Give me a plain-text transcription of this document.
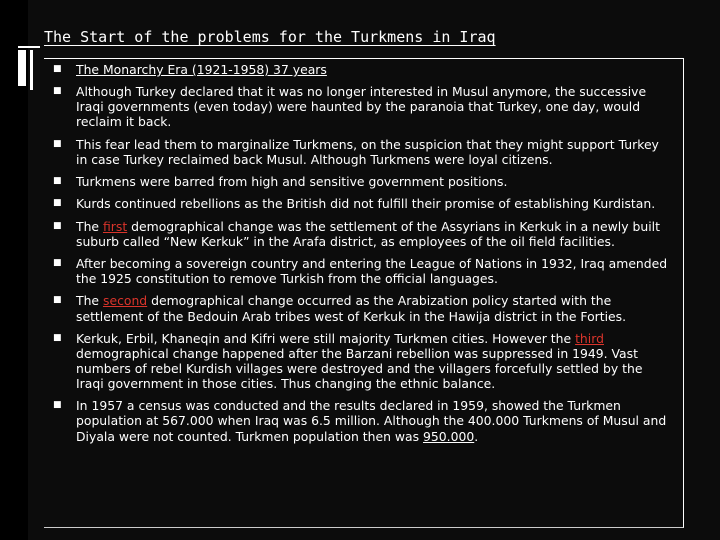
The Start of the problems for the Turkmens in Iraq
■ The Monarchy Era (1921-1958) 37 years
■ Although Turkey declared that it was no longer interested in Musul anymore, the successive Iraqi governments (even today) were haunted by the paranoia that Turkey, one day, would reclaim it back.
■ This fear lead them to marginalize Turkmens, on the suspicion that they might support Turkey in case Turkey reclaimed back Musul. Although Turkmens were loyal citizens.
■ Turkmens were barred from high and sensitive government positions.
■ Kurds continued rebellions as the British did not fulfill their promise of establishing Kurdistan.
■ The first demographical change was the settlement of the Assyrians in Kerkuk in a newly built suburb called “New Kerkuk” in the Arafa district, as employees of the oil field facilities.
■ After becoming a sovereign country and entering the League of Nations in 1932, Iraq amended the 1925 constitution to remove Turkish from the official languages.
■ The second demographical change occurred as the Arabization policy started with the settlement of the Bedouin Arab tribes west of Kerkuk in the Hawija district in the Forties.
■ Kerkuk, Erbil, Khaneqin and Kifri were still majority Turkmen cities. However the third demographical change happened after the Barzani rebellion was suppressed in 1949. Vast numbers of rebel Kurdish villages were destroyed and the villagers forcefully settled by the Iraqi government in those cities. Thus changing the ethnic balance.
■ In 1957 a census was conducted and the results declared in 1959, showed the Turkmen population at 567.000 when Iraq was 6.5 million. Although the 400.000 Turkmens of Musul and Diyala were not counted. Turkmen population then was 950.000.
